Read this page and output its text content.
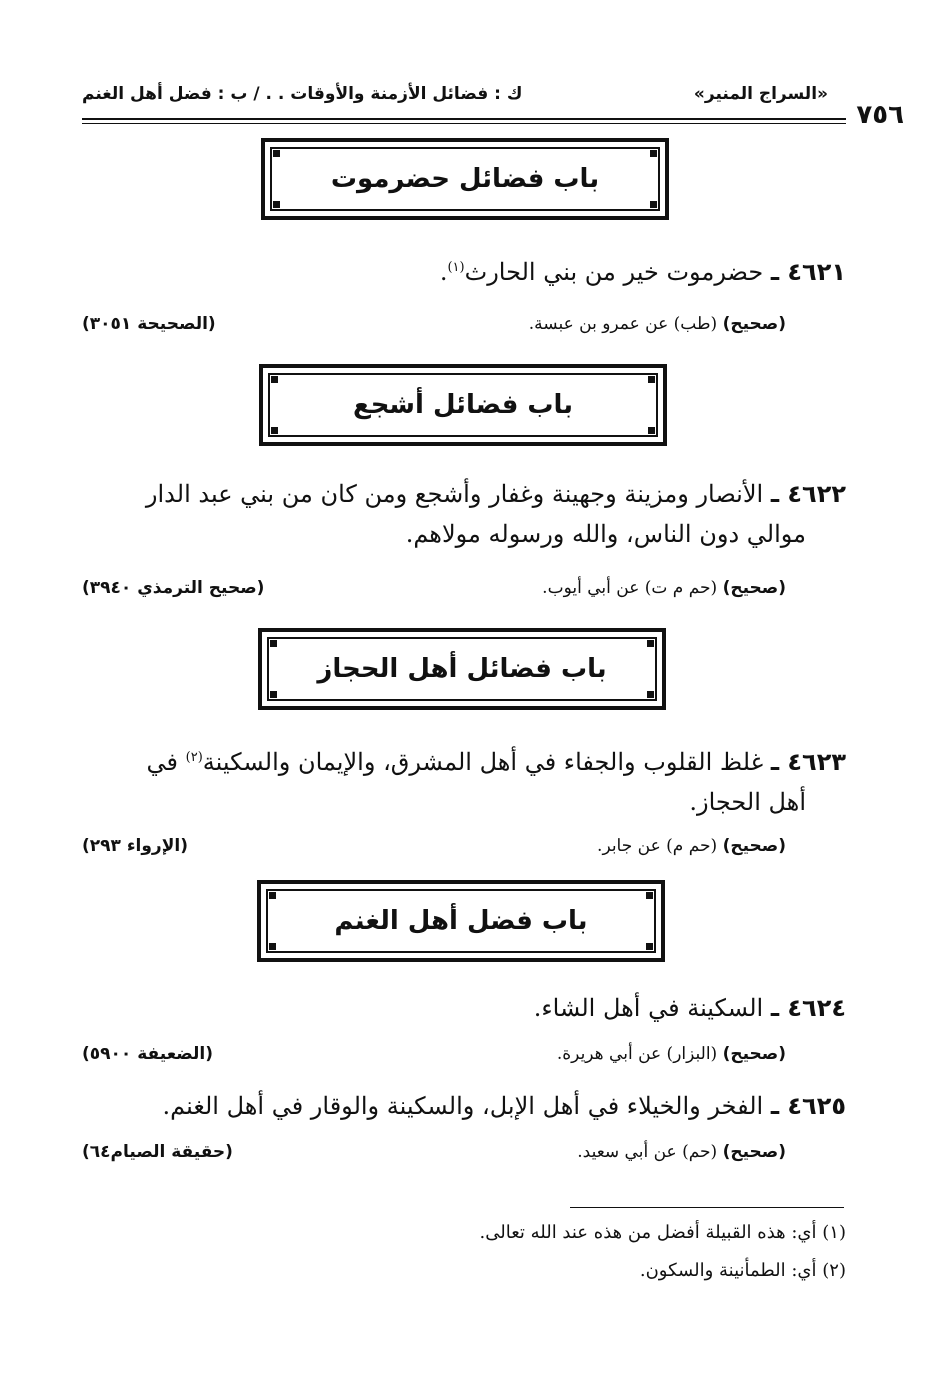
٧٥٦
«السراج المنير»
ك : فضائل الأزمنة والأوقات . . / ب : فضل أهل الغنم
باب فضائل حضرموت
٤٦٢١ ـ حضرموت خير من بني الحارث$^{(١)}$.
(صحيح) (طب) عن عمرو بن عبسة.
(الصحيحة ٣٠٥١)
باب فضائل أشجع
٤٦٢٢ ـ الأنصار ومزينة وجهينة وغفار وأشجع ومن كان من بني عبد الدار
موالي دون الناس، والله ورسوله مولاهم.
(صحيح) (حم م ت) عن أبي أيوب.
(صحيح الترمذي ٣٩٤٠)
باب فضائل أهل الحجاز
٤٦٢٣ ـ غلظ القلوب والجفاء في أهل المشرق، والإيمان والسكينة$^{(٢)}$ في
أهل الحجاز.
(صحيح) (حم م) عن جابر.
(الإرواء ٢٩٣)
باب فضل أهل الغنم
٤٦٢٤ ـ السكينة في أهل الشاء.
(صحيح) (البزار) عن أبي هريرة.
(الضعيفة ٥٩٠٠)
٤٦٢٥ ـ الفخر والخيلاء في أهل الإبل، والسكينة والوقار في أهل الغنم.
(صحيح) (حم) عن أبي سعيد.
(حقيقة الصيام٦٤)
(١) أي: هذه القبيلة أفضل من هذه عند الله تعالى.
(٢) أي: الطمأنينة والسكون.
